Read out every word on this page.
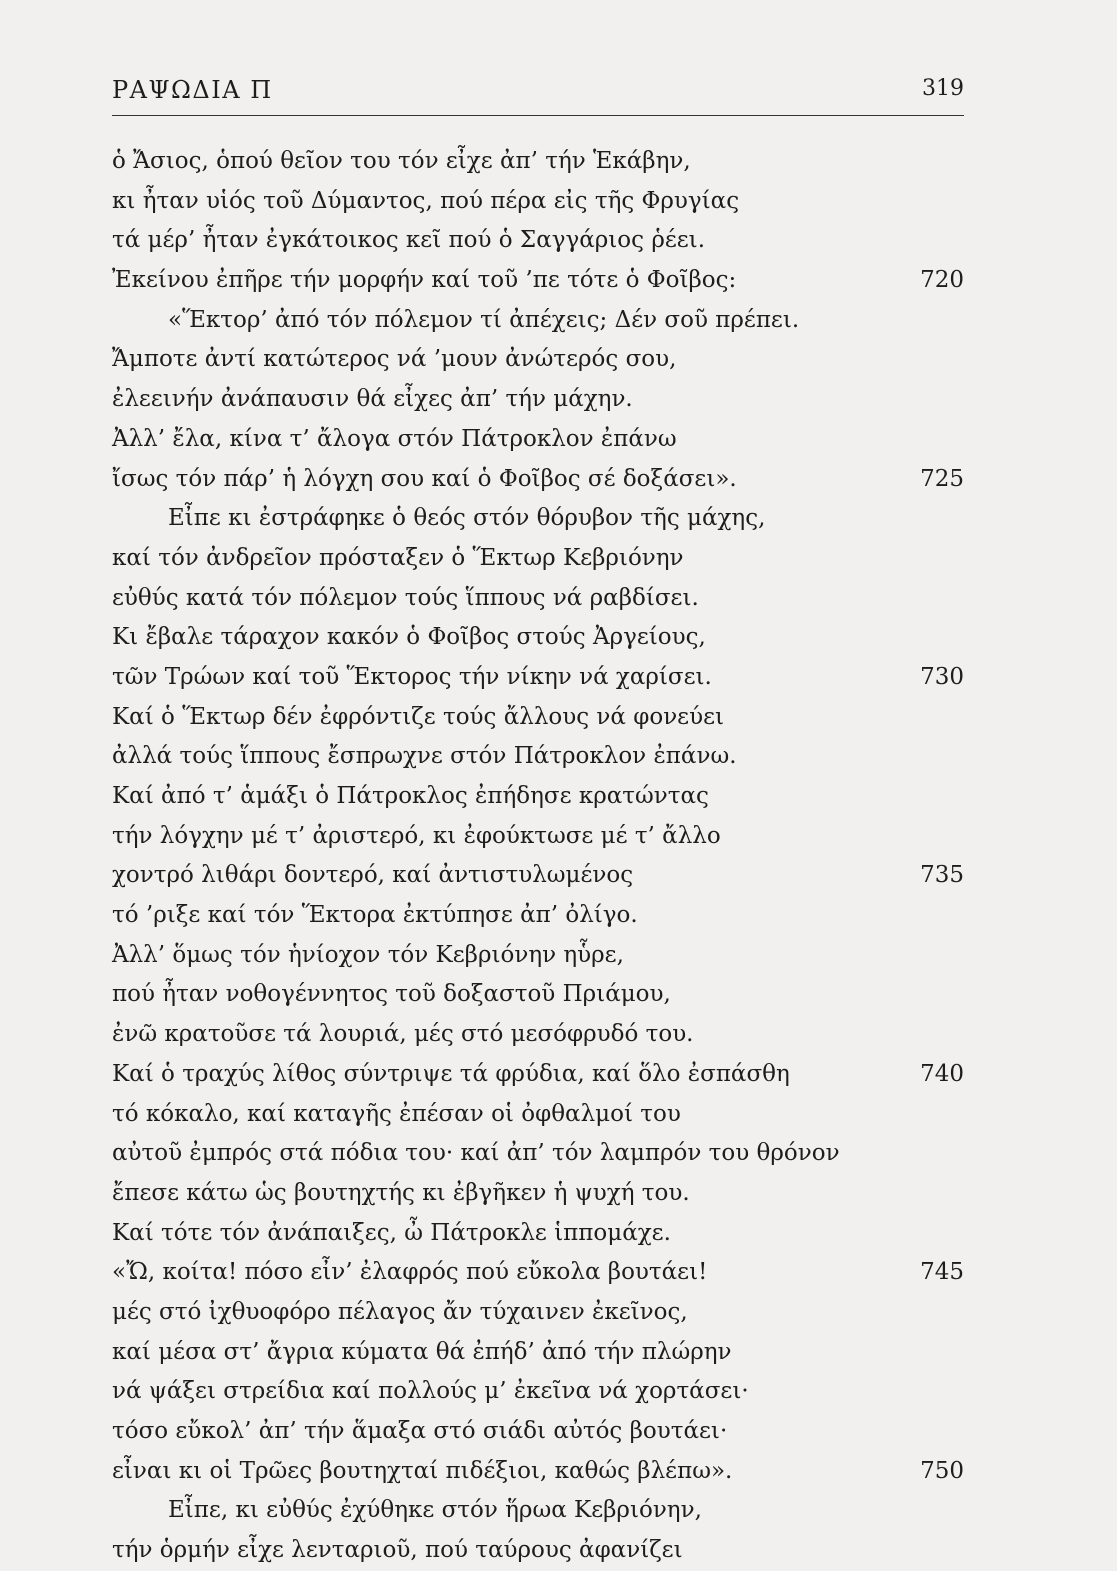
ΡΑΨΩΔΙΑ Π	319
ὁ Ἄσιος, ὁπού θεῖον του τόν εἶχε ἀπ’ τήν Ἑκάβην,
κι ἦταν υἱός τοῦ Δύμαντος, πού πέρα εἰς τῆς Φρυγίας
τά μέρ’ ἦταν ἐγκάτοικος κεῖ πού ὁ Σαγγάριος ῥέει.
Ἐκείνου ἐπῆρε τήν μορφήν καί τοῦ ’πε τότε ὁ Φοῖβος:	720
«Ἕκτορ’ ἀπό τόν πόλεμον τί ἀπέχεις; Δέν σοῦ πρέπει.
Ἄμποτε ἀντί κατώτερος νά ’μουν ἀνώτερός σου,
ἐλεεινήν ἀνάπαυσιν θά εἶχες ἀπ’ τήν μάχην.
Ἀλλ’ ἔλα, κίνα τ’ ἄλογα στόν Πάτροκλον ἐπάνω
ἴσως τόν πάρ’ ἡ λόγχη σου καί ὁ Φοῖβος σέ δοξάσει».	725
Εἶπε κι ἐστράφηκε ὁ θεός στόν θόρυβον τῆς μάχης,
καί τόν ἀνδρεῖον πρόσταξεν ὁ Ἕκτωρ Κεβριόνην
εὐθύς κατά τόν πόλεμον τούς ἵππους νά ραβδίσει.
Κι ἔβαλε τάραχον κακόν ὁ Φοῖβος στούς Ἀργείους,
τῶν Τρώων καί τοῦ Ἕκτορος τήν νίκην νά χαρίσει.	730
Καί ὁ Ἕκτωρ δέν ἐφρόντιζε τούς ἄλλους νά φονεύει
ἀλλά τούς ἵππους ἔσπρωχνε στόν Πάτροκλον ἐπάνω.
Καί ἀπό τ’ ἁμάξι ὁ Πάτροκλος ἐπήδησε κρατώντας
τήν λόγχην μέ τ’ ἀριστερό, κι ἐφούκτωσε μέ τ’ ἄλλο
χοντρό λιθάρι δοντερό, καί ἀντιστυλωμένος	735
τό ’ριξε καί τόν Ἕκτορα ἐκτύπησε ἀπ’ ὀλίγο.
Ἀλλ’ ὅμως τόν ἡνίοχον τόν Κεβριόνην ηὗρε,
πού ἦταν νοθογέννητος τοῦ δοξαστοῦ Πριάμου,
ἐνῶ κρατοῦσε τά λουριά, μές στό μεσόφρυδό του.
Καί ὁ τραχύς λίθος σύντριψε τά φρύδια, καί ὅλο ἐσπάσθη	740
τό κόκαλο, καί καταγῆς ἐπέσαν οἱ ὀφθαλμοί του
αὐτοῦ ἐμπρός στά πόδια του· καί ἀπ’ τόν λαμπρόν του θρόνον
ἔπεσε κάτω ὡς βουτηχτής κι ἐβγῆκεν ἡ ψυχή του.
Καί τότε τόν ἀνάπαιξες, ὦ Πάτροκλε ἱππομάχε.
«Ὤ, κοίτα! πόσο εἶν’ ἐλαφρός πού εὔκολα βουτάει!	745
μές στό ἰχθυοφόρο πέλαγος ἄν τύχαινεν ἐκεῖνος,
καί μέσα στ’ ἄγρια κύματα θά ἐπήδ’ ἀπό τήν πλώρην
νά ψάξει στρείδια καί πολλούς μ’ ἐκεῖνα νά χορτάσει·
τόσο εὔκολ’ ἀπ’ τήν ἅμαξα στό σιάδι αὐτός βουτάει·
εἶναι κι οἱ Τρῶες βουτηχταί πιδέξιοι, καθώς βλέπω».	750
Εἶπε, κι εὐθύς ἐχύθηκε στόν ἥρωα Κεβριόνην,
τήν ὁρμήν εἶχε λενταριοῦ, πού ταύρους ἀφανίζει
